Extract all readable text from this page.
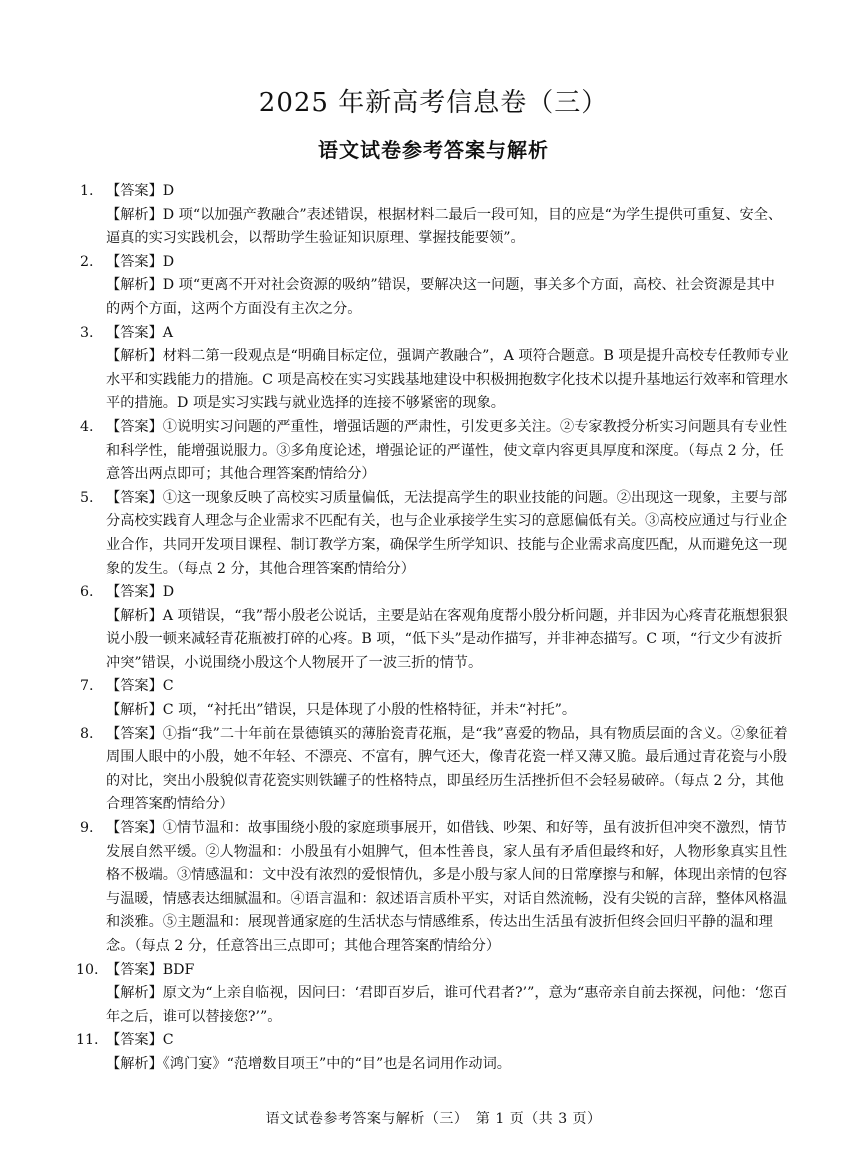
2025 年新高考信息卷（三）
语文试卷参考答案与解析
1. 【答案】D
【解析】D 项“以加强产教融合”表述错误，根据材料二最后一段可知，目的应是“为学生提供可重复、安全、逼真的实习实践机会，以帮助学生验证知识原理、掌握技能要领”。
2. 【答案】D
【解析】D 项“更离不开对社会资源的吸纳”错误，要解决这一问题，事关多个方面，高校、社会资源是其中的两个方面，这两个方面没有主次之分。
3. 【答案】A
【解析】材料二第一段观点是“明确目标定位，强调产教融合”，A 项符合题意。B 项是提升高校专任教师专业水平和实践能力的措施。C 项是高校在实习实践基地建设中积极拥抱数字化技术以提升基地运行效率和管理水平的措施。D 项是实习实践与就业选择的连接不够紧密的现象。
4. 【答案】①说明实习问题的严重性，增强话题的严肃性，引发更多关注。②专家教授分析实习问题具有专业性和科学性，能增强说服力。③多角度论述，增强论证的严谨性，使文章内容更具厚度和深度。（每点 2 分，任意答出两点即可；其他合理答案酌情给分）
5. 【答案】①这一现象反映了高校实习质量偏低，无法提高学生的职业技能的问题。②出现这一现象，主要与部分高校实践育人理念与企业需求不匹配有关，也与企业承接学生实习的意愿偏低有关。③高校应通过与行业企业合作，共同开发项目课程、制订教学方案，确保学生所学知识、技能与企业需求高度匹配，从而避免这一现象的发生。（每点 2 分，其他合理答案酌情给分）
6. 【答案】D
【解析】A 项错误，“我”帮小殷老公说话，主要是站在客观角度帮小殷分析问题，并非因为心疼青花瓶想狠狠说小殷一顿来减轻青花瓶被打碎的心疼。B 项，“低下头”是动作描写，并非神态描写。C 项，“行文少有波折冲突”错误，小说围绕小殷这个人物展开了一波三折的情节。
7. 【答案】C
【解析】C 项，“衬托出”错误，只是体现了小殷的性格特征，并未“衬托”。
8. 【答案】①指“我”二十年前在景德镇买的薄胎瓷青花瓶，是“我”喜爱的物品，具有物质层面的含义。②象征着周围人眼中的小殷，她不年轻、不漂亮、不富有，脾气还大，像青花瓷一样又薄又脆。最后通过青花瓷与小殷的对比，突出小殷貌似青花瓷实则铁罐子的性格特点，即虽经历生活挫折但不会轻易破碎。（每点 2 分，其他合理答案酌情给分）
9. 【答案】①情节温和：故事围绕小殷的家庭琐事展开，如借钱、吵架、和好等，虽有波折但冲突不激烈，情节发展自然平缓。②人物温和：小殷虽有小姐脾气，但本性善良，家人虽有矛盾但最终和好，人物形象真实且性格不极端。③情感温和：文中没有浓烈的爱恨情仇，多是小殷与家人间的日常摩擦与和解，体现出亲情的包容与温暖，情感表达细腻温和。④语言温和：叙述语言质朴平实，对话自然流畅，没有尖锐的言辞，整体风格温和淡雅。⑤主题温和：展现普通家庭的生活状态与情感维系，传达出生活虽有波折但终会回归平静的温和理念。（每点 2 分，任意答出三点即可；其他合理答案酌情给分）
10. 【答案】BDF
【解析】原文为“上亲自临视，因问曰：‘君即百岁后，谁可代君者?’”，意为“惠帝亲自前去探视，问他：‘您百年之后，谁可以替接您?’”。
11. 【答案】C
【解析】《鸿门宴》“范增数目项王”中的“目”也是名词用作动词。
语文试卷参考答案与解析（三）　第 1 页（共 3 页）
